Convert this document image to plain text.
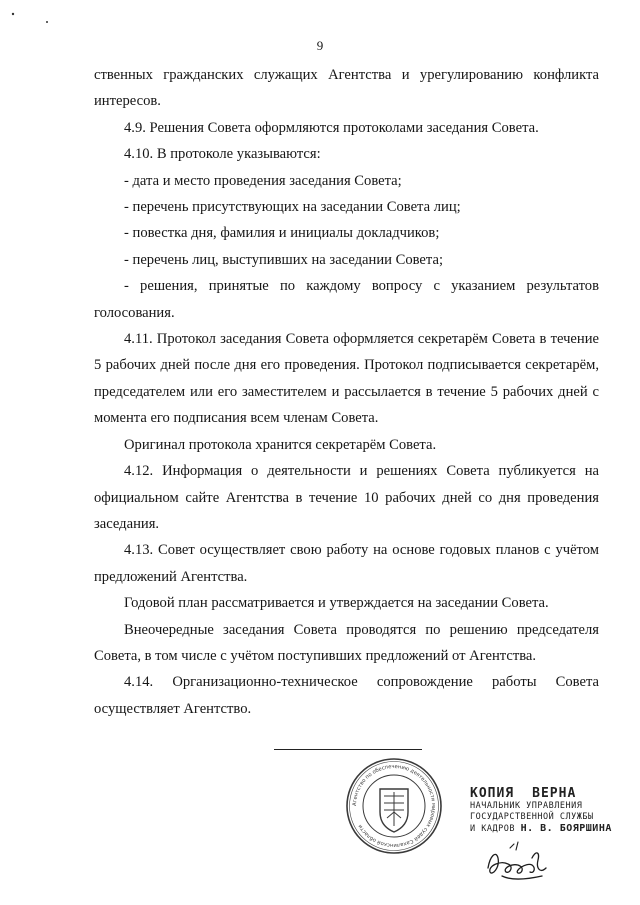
9

ственных гражданских служащих Агентства и урегулированию конфликта интересов.

4.9. Решения Совета оформляются протоколами заседания Совета.

4.10. В протоколе указываются:

- дата и место проведения заседания Совета;

- перечень присутствующих на заседании Совета лиц;

- повестка дня, фамилия и инициалы докладчиков;

- перечень лиц, выступивших на заседании Совета;

- решения, принятые по каждому вопросу с указанием результатов голосования.

4.11. Протокол заседания Совета оформляется секретарём Совета в течение 5 рабочих дней после дня его проведения. Протокол подписывается секретарём, председателем или его заместителем и рассылается в течение 5 рабочих дней с момента его подписания всем членам Совета.

Оригинал протокола хранится секретарём Совета.

4.12. Информация о деятельности и решениях Совета публикуется на официальном сайте Агентства в течение 10 рабочих дней со дня проведения заседания.

4.13. Совет осуществляет свою работу на основе годовых планов с учётом предложений Агентства.

Годовой план рассматривается и утверждается на заседании Совета.

Внеочередные заседания Совета проводятся по решению председателя Совета, в том числе с учётом поступивших предложений от Агентства.

4.14. Организационно-техническое сопровождение работы Совета осуществляет Агентство.

Агентство по обеспечению деятельности мировых судей Сахалинской области
КОПИЯ ВЕРНА
НАЧАЛЬНИК УПРАВЛЕНИЯ
ГОСУДАРСТВЕННОЙ СЛУЖБЫ
И КАДРОВ Н. В. БОЯРШИНА
